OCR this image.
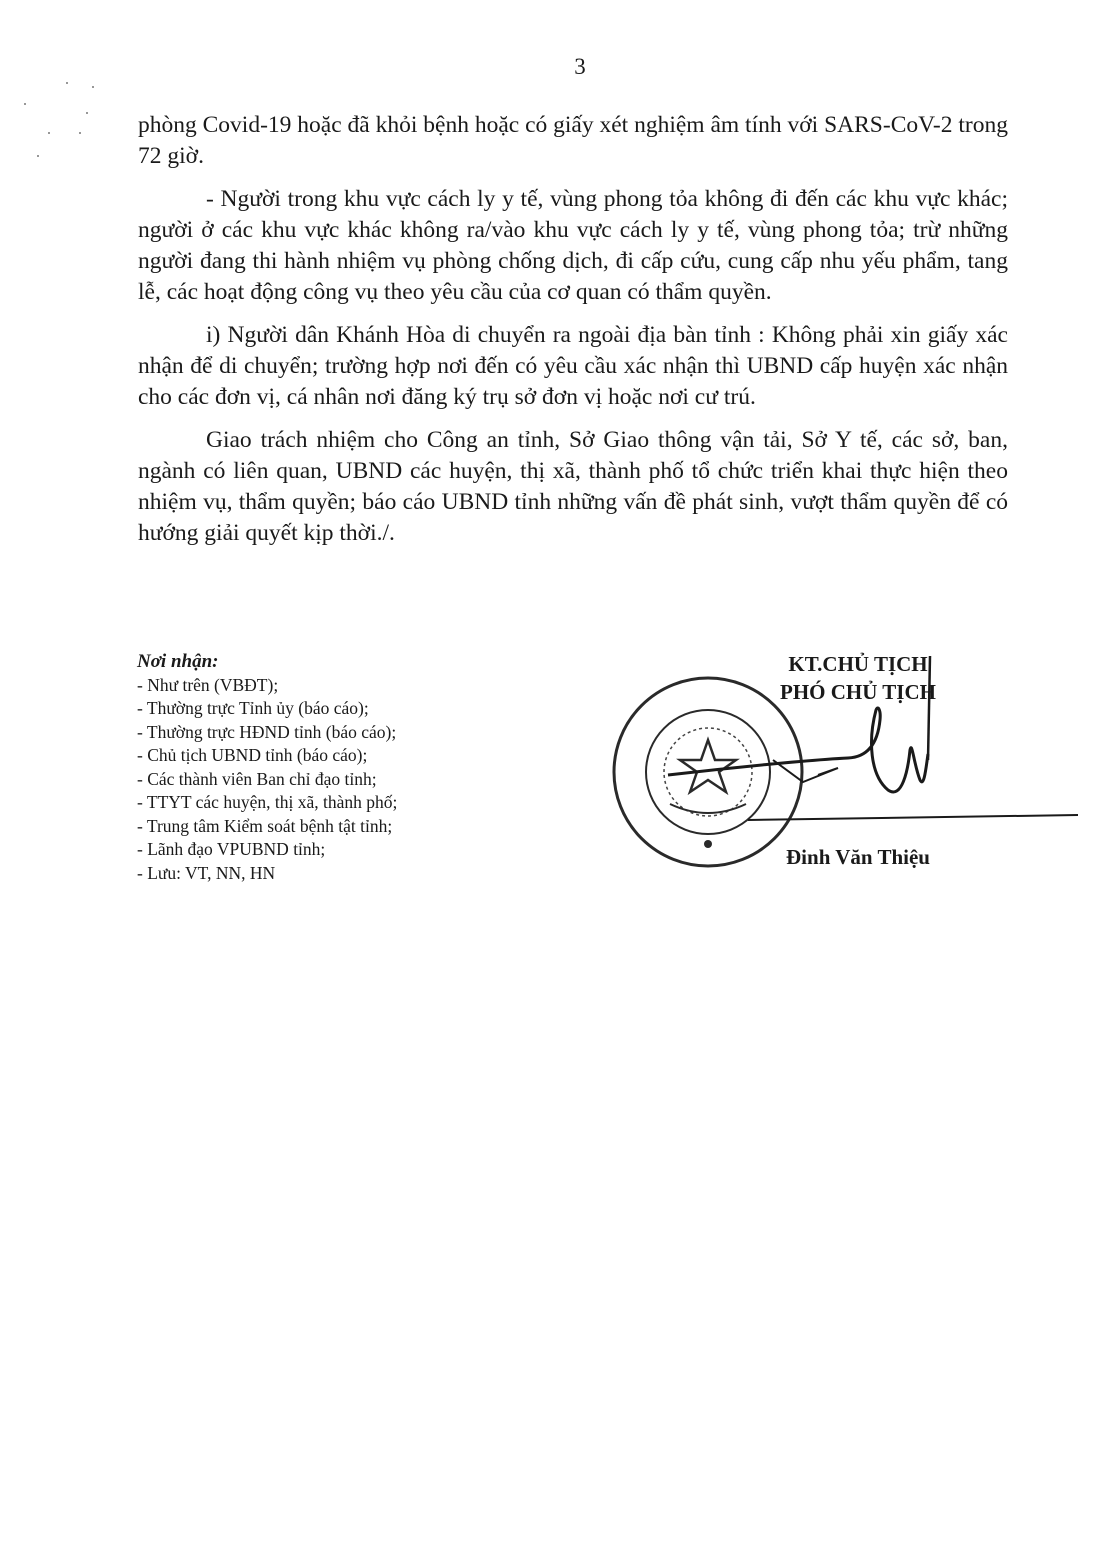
3

phòng Covid-19 hoặc đã khỏi bệnh hoặc có giấy xét nghiệm âm tính với SARS-CoV-2 trong 72 giờ.

- Người trong khu vực cách ly y tế, vùng phong tỏa không đi đến các khu vực khác; người ở các khu vực khác không ra/vào khu vực cách ly y tế, vùng phong tỏa; trừ những người đang thi hành nhiệm vụ phòng chống dịch, đi cấp cứu, cung cấp nhu yếu phẩm, tang lễ, các hoạt động công vụ theo yêu cầu của cơ quan có thẩm quyền.

i) Người dân Khánh Hòa di chuyển ra ngoài địa bàn tỉnh : Không phải xin giấy xác nhận để di chuyển; trường hợp nơi đến có yêu cầu xác nhận thì UBND cấp huyện xác nhận cho các đơn vị, cá nhân nơi đăng ký trụ sở đơn vị hoặc nơi cư trú.

Giao trách nhiệm cho Công an tỉnh, Sở Giao thông vận tải, Sở Y tế, các sở, ban, ngành có liên quan, UBND các huyện, thị xã, thành phố tổ chức triển khai thực hiện theo nhiệm vụ, thẩm quyền; báo cáo UBND tỉnh những vấn đề phát sinh, vượt thẩm quyền để có hướng giải quyết kịp thời./.

Nơi nhận:
- Như trên (VBĐT);
- Thường trực Tỉnh ủy (báo cáo);
- Thường trực HĐND tỉnh (báo cáo);
- Chủ tịch UBND tỉnh (báo cáo);
- Các thành viên Ban chỉ đạo tỉnh;
- TTYT các huyện, thị xã, thành phố;
- Trung tâm Kiểm soát bệnh tật tỉnh;
- Lãnh đạo VPUBND tỉnh;
- Lưu: VT, NN, HN
KT.CHỦ TỊCH
PHÓ CHỦ TỊCH
Đinh Văn Thiệu
